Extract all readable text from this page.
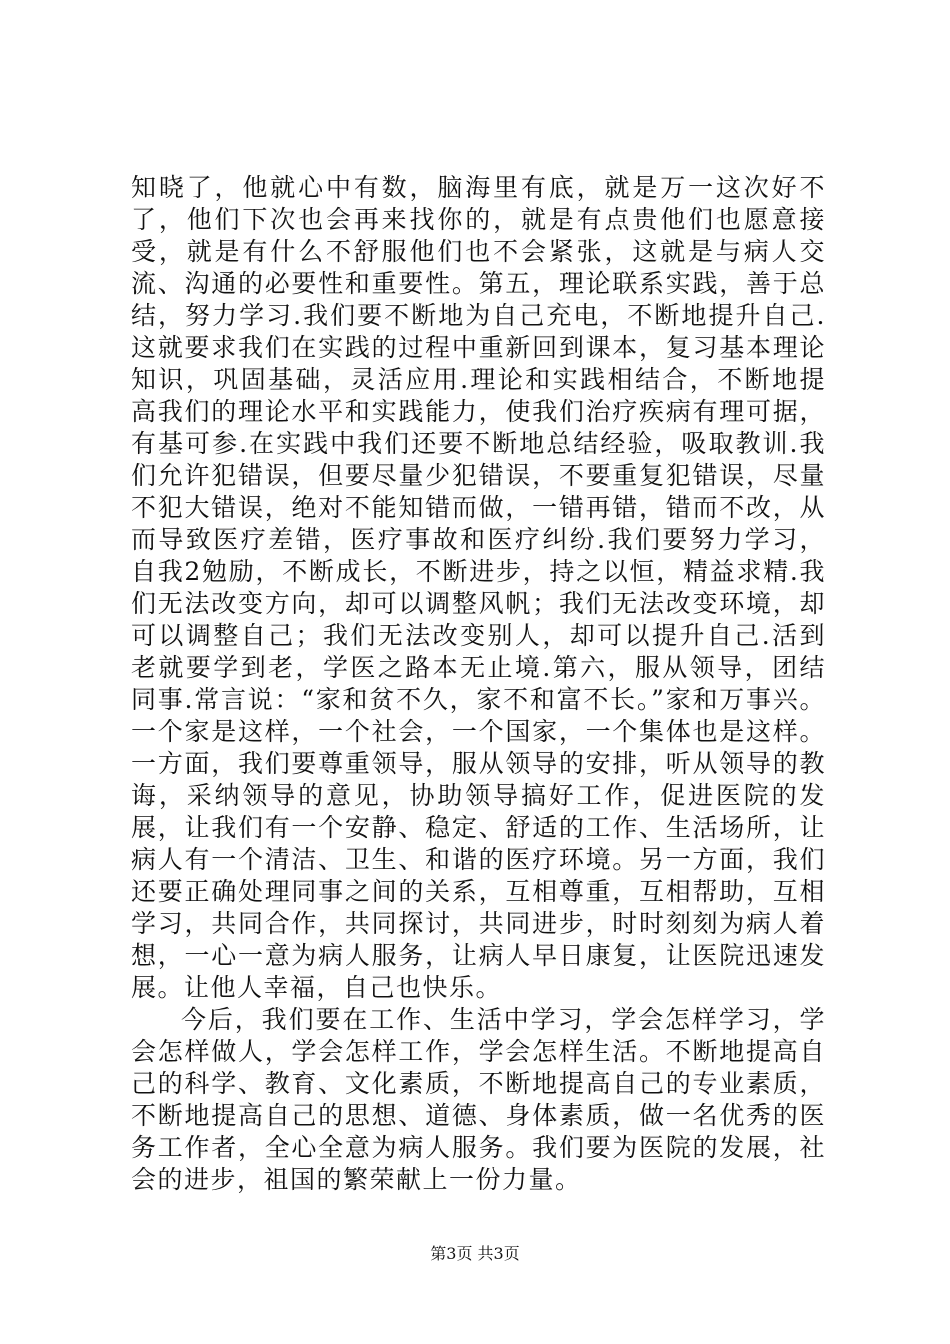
知晓了，他就心中有数，脑海里有底，就是万一这次好不了，他们下次也会再来找你的，就是有点贵他们也愿意接受，就是有什么不舒服他们也不会紧张，这就是与病人交流、沟通的必要性和重要性。第五，理论联系实践，善于总结，努力学习.我们要不断地为自己充电，不断地提升自己.这就要求我们在实践的过程中重新回到课本，复习基本理论知识，巩固基础，灵活应用.理论和实践相结合，不断地提高我们的理论水平和实践能力，使我们治疗疾病有理可据，有基可参.在实践中我们还要不断地总结经验，吸取教训.我们允许犯错误，但要尽量少犯错误，不要重复犯错误，尽量不犯大错误，绝对不能知错而做，一错再错，错而不改，从而导致医疗差错，医疗事故和医疗纠纷.我们要努力学习，自我2勉励，不断成长，不断进步，持之以恒，精益求精.我们无法改变方向，却可以调整风帆；我们无法改变环境，却可以调整自己；我们无法改变别人，却可以提升自己.活到老就要学到老，学医之路本无止境.第六，服从领导，团结同事.常言说：“家和贫不久，家不和富不长。”家和万事兴。一个家是这样，一个社会，一个国家，一个集体也是这样。一方面，我们要尊重领导，服从领导的安排，听从领导的教诲，采纳领导的意见，协助领导搞好工作，促进医院的发展，让我们有一个安静、稳定、舒适的工作、生活场所，让病人有一个清洁、卫生、和谐的医疗环境。另一方面，我们还要正确处理同事之间的关系，互相尊重，互相帮助，互相学习，共同合作，共同探讨，共同进步，时时刻刻为病人着想，一心一意为病人服务，让病人早日康复，让医院迅速发展。让他人幸福，自己也快乐。

今后，我们要在工作、生活中学习，学会怎样学习，学会怎样做人，学会怎样工作，学会怎样生活。不断地提高自己的科学、教育、文化素质，不断地提高自己的专业素质，不断地提高自己的思想、道德、身体素质，做一名优秀的医务工作者，全心全意为病人服务。我们要为医院的发展，社会的进步，祖国的繁荣献上一份力量。

第3页 共3页
